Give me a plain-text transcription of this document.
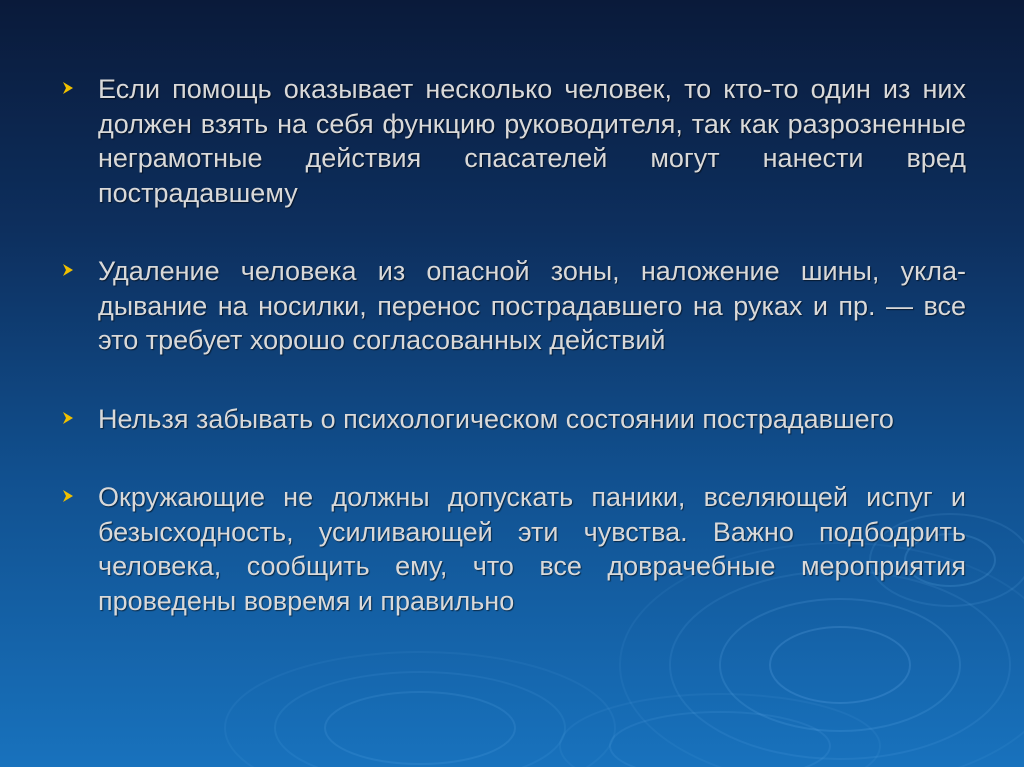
Если помощь оказывает несколько человек, то кто-то один из них должен взять на себя функцию руководителя, так как разрозненные неграмотные действия спасателей могут нанести вред пострадавшему

Удаление человека из опасной зоны, наложение шины, укла-дывание на носилки, перенос пострадавшего на руках и пр. — все это требует хорошо согласованных действий

Нельзя забывать о психологическом состоянии пострадавшего

Окружающие не должны допускать паники, вселяющей испуг и безысходность, усиливающей эти чувства. Важно подбодрить человека, сообщить ему, что все доврачебные мероприятия проведены вовремя и правильно
